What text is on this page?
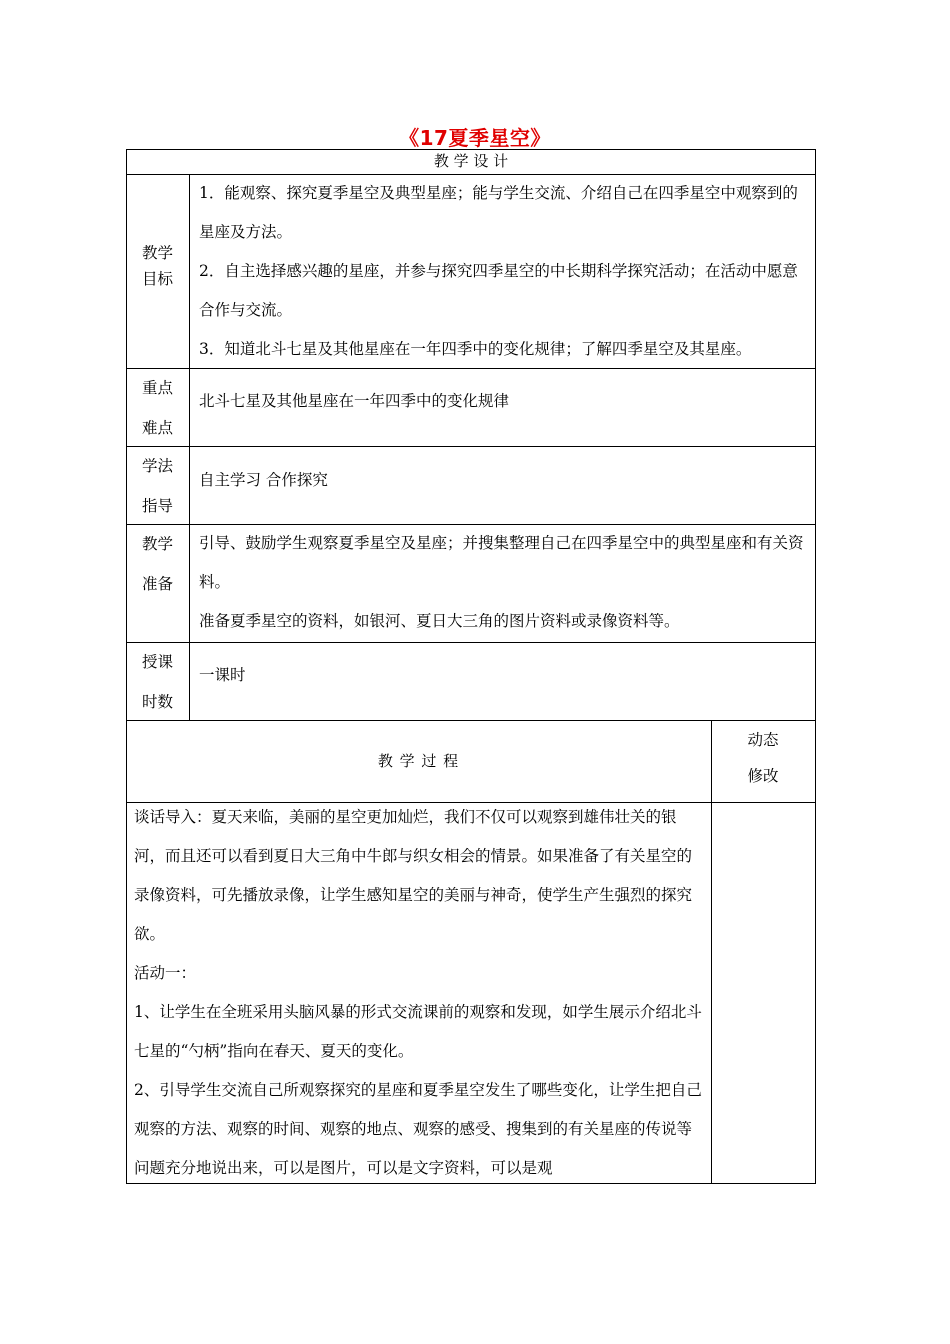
《17夏季星空》
教 学 设 计
教学目标

1．能观察、探究夏季星空及典型星座；能与学生交流、介绍自己在四季星空中观察到的星座及方法。

2．自主选择感兴趣的星座，并参与探究四季星空的中长期科学探究活动；在活动中愿意合作与交流。

3．知道北斗七星及其他星座在一年四季中的变化规律；了解四季星空及其星座。

重点难点
北斗七星及其他星座在一年四季中的变化规律
学法指导
自主学习 合作探究
教学准备

引导、鼓励学生观察夏季星空及星座；并搜集整理自己在四季星空中的典型星座和有关资料。

准备夏季星空的资料，如银河、夏日大三角的图片资料或录像资料等。

授课时数
一课时
教 学 过 程
动态修改

谈话导入：夏天来临，美丽的星空更加灿烂，我们不仅可以观察到雄伟壮关的银河，而且还可以看到夏日大三角中牛郎与织女相会的情景。如果准备了有关星空的录像资料，可先播放录像，让学生感知星空的美丽与神奇，使学生产生强烈的探究欲。

活动一：

1、让学生在全班采用头脑风暴的形式交流课前的观察和发现，如学生展示介绍北斗七星的“勺柄”指向在春天、夏天的变化。

2、引导学生交流自己所观察探究的星座和夏季星空发生了哪些变化，让学生把自己观察的方法、观察的时间、观察的地点、观察的感受、搜集到的有关星座的传说等问题充分地说出来，可以是图片，可以是文字资料，可以是观
